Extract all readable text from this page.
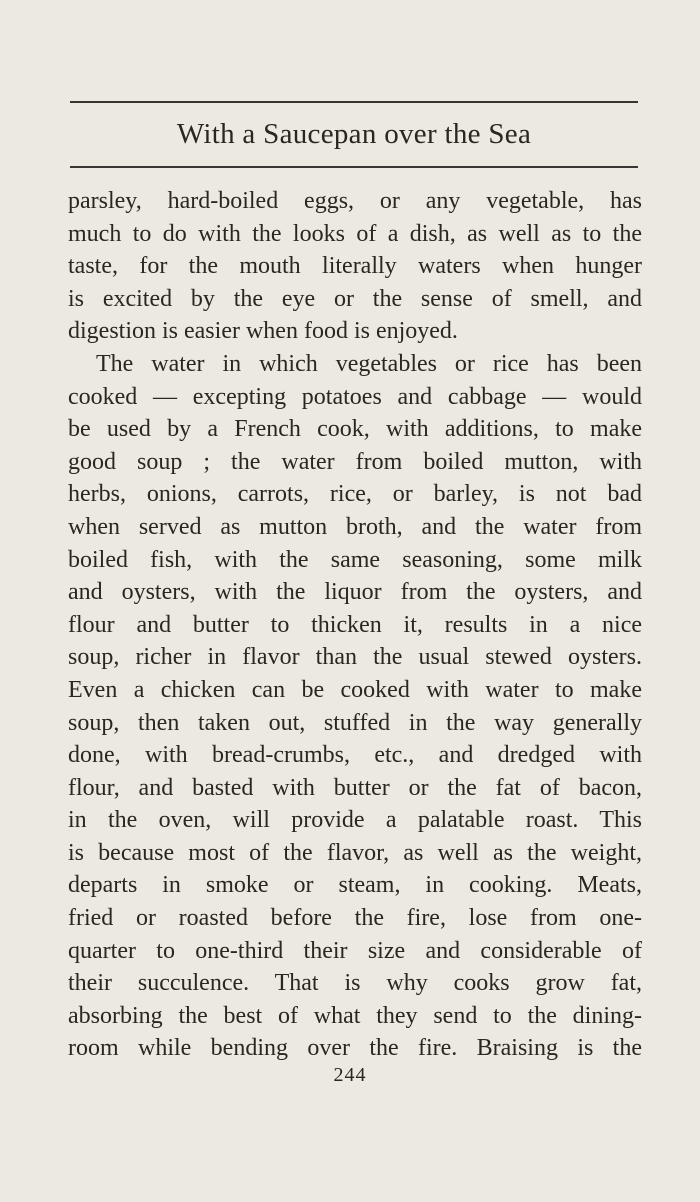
With a Saucepan over the Sea
parsley, hard-boiled eggs, or any vegetable, has
much to do with the looks of a dish, as well as to the
taste, for the mouth literally waters when hunger
is excited by the eye or the sense of smell, and
digestion is easier when food is enjoyed.
The water in which vegetables or rice has been
cooked — excepting potatoes and cabbage — would
be used by a French cook, with additions, to make
good soup ; the water from boiled mutton, with
herbs, onions, carrots, rice, or barley, is not bad
when served as mutton broth, and the water from
boiled fish, with the same seasoning, some milk
and oysters, with the liquor from the oysters, and
flour and butter to thicken it, results in a nice
soup, richer in flavor than the usual stewed oysters.
Even a chicken can be cooked with water to make
soup, then taken out, stuffed in the way generally
done, with bread-crumbs, etc., and dredged with
flour, and basted with butter or the fat of bacon,
in the oven, will provide a palatable roast. This
is because most of the flavor, as well as the weight,
departs in smoke or steam, in cooking. Meats,
fried or roasted before the fire, lose from one-
quarter to one-third their size and considerable of
their succulence. That is why cooks grow fat,
absorbing the best of what they send to the dining-
room while bending over the fire. Braising is the
244
